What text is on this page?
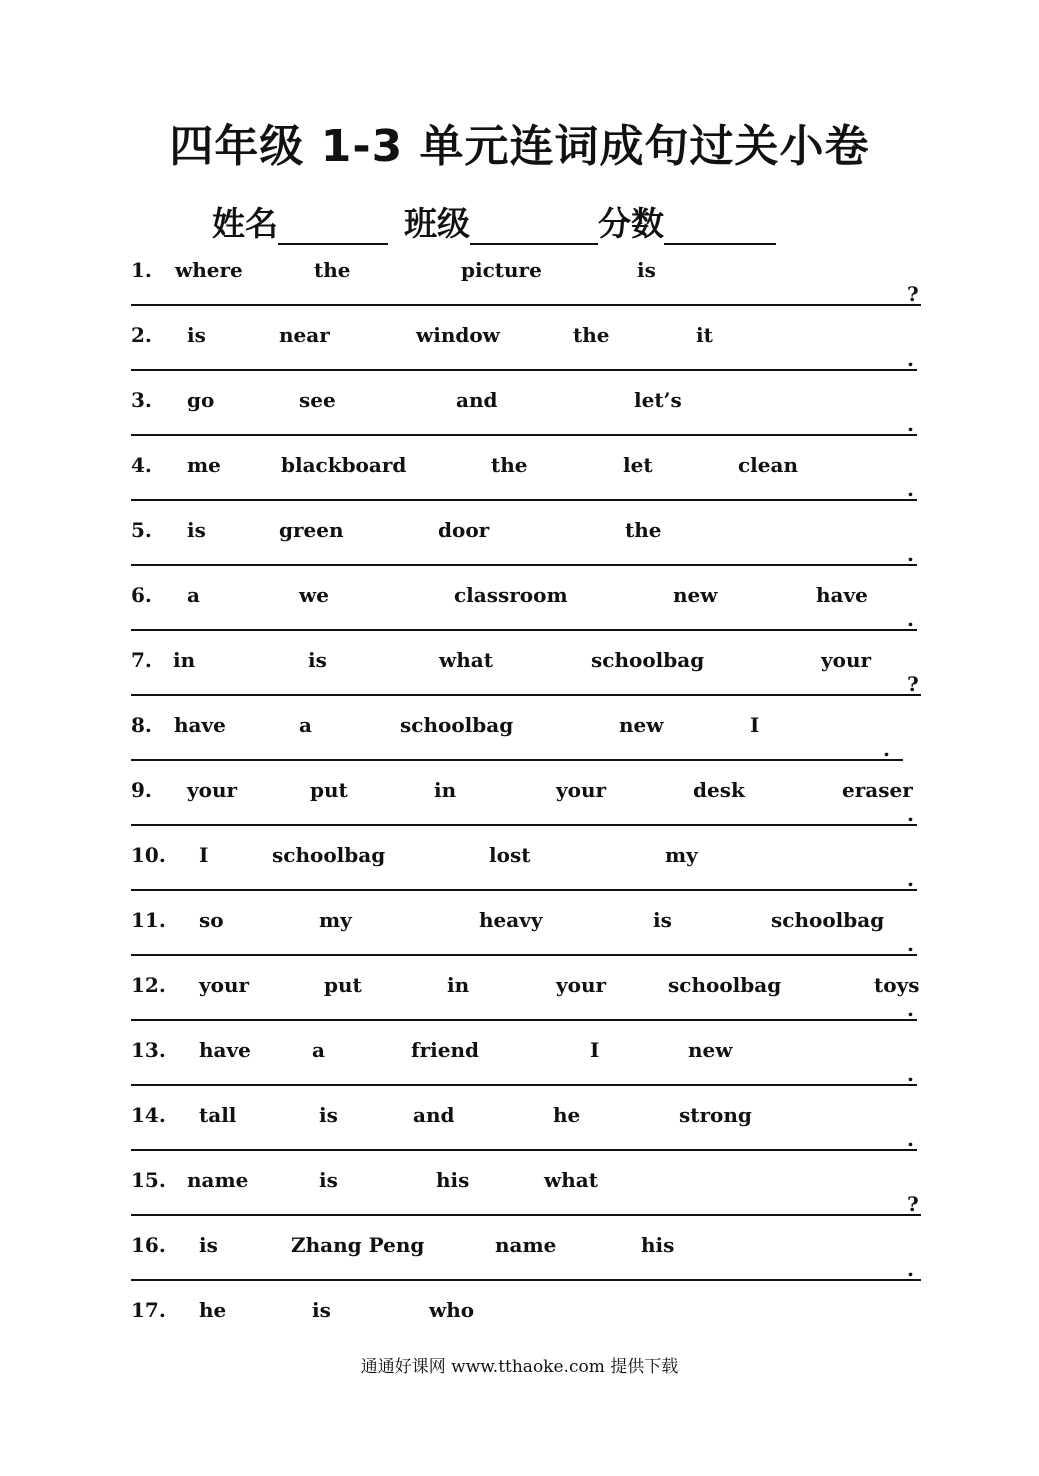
四年级 1-3 单元连词成句过关小卷
姓名	班级	分数
1. where	the	picture	is
?
2. is	near	window	the	it
.
3. go	see	and	let’s
.
4. me	blackboard	the	let	clean
.
5. is	green	door	the
.
6. a	we	classroom	new	have
.
7. in	is	what	schoolbag	your
?
8. have	a	schoolbag	new	I
.
9. your	put	in	your	desk	eraser
.
10. I	schoolbag	lost	my
.
11. so	my	heavy	is	schoolbag
.
12. your	put	in	your	schoolbag	toys
.
13. have	a	friend	I	new
.
14. tall	is	and	he	strong
.
15. name	is	his	what
?
16. is	Zhang Peng	name	his
.
17. he	is	who
通通好课网 www.tthaoke.com 提供下载
